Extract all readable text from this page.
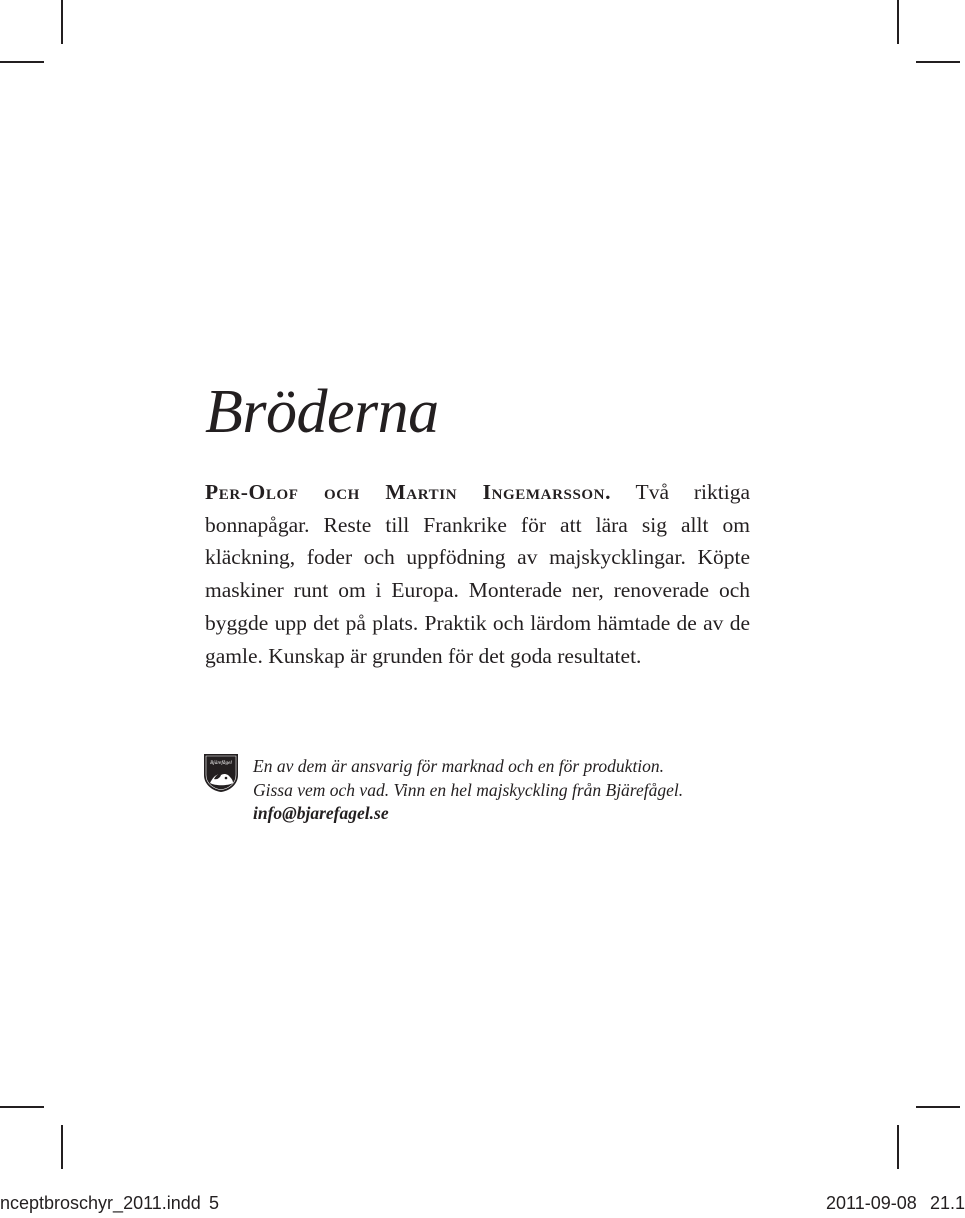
Bröderna

Per-Olof och Martin Ingemarsson. Två riktiga bonnapågar. Reste till Frankrike för att lära sig allt om kläckning, foder och uppfödning av majskycklingar. Köpte maskiner runt om i Europa. Monterade ner, renoverade och byggde upp det på plats. Praktik och lärdom hämtade de av de gamle. Kunskap är grunden för det goda resultatet.

Bjärefågel En av dem är ansvarig för marknad och en för produktion.
Gissa vem och vad. Vinn en hel majskyckling från Bjärefågel.
info@bjarefagel.se
nceptbroschyr_2011.indd 5	2011-09-08 21.1
